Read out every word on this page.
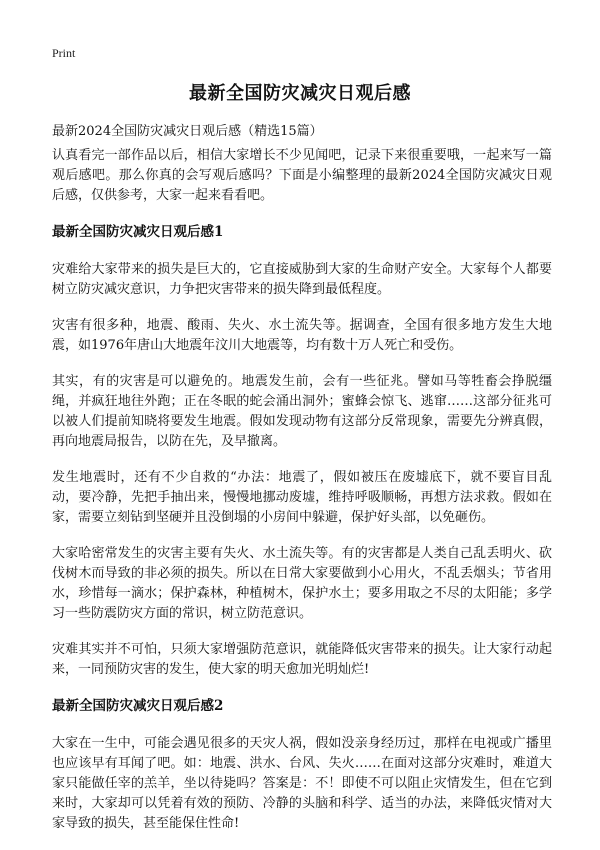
Print
最新全国防灾减灾日观后感

最新2024全国防灾减灾日观后感（精选15篇）

认真看完一部作品以后，相信大家增长不少见闻吧，记录下来很重要哦，一起来写一篇观后感吧。那么你真的会写观后感吗？下面是小编整理的最新2024全国防灾减灾日观后感，仅供参考，大家一起来看看吧。

最新全国防灾减灾日观后感1

灾难给大家带来的损失是巨大的，它直接威胁到大家的生命财产安全。大家每个人都要树立防灾减灾意识，力争把灾害带来的损失降到最低程度。

灾害有很多种，地震、酸雨、失火、水土流失等。据调查，全国有很多地方发生大地震，如1976年唐山大地震年汶川大地震等，均有数十万人死亡和受伤。

其实，有的灾害是可以避免的。地震发生前，会有一些征兆。譬如马等牲畜会挣脱缰绳，并疯狂地往外跑；正在冬眠的蛇会涌出洞外；蜜蜂会惊飞、逃窜……这部分征兆可以被人们提前知晓将要发生地震。假如发现动物有这部分反常现象，需要先分辨真假，再向地震局报告，以防在先，及早撤离。

发生地震时，还有不少自救的“办法：地震了，假如被压在废墟底下，就不要盲目乱动，要冷静，先把手抽出来，慢慢地挪动废墟，维持呼吸顺畅，再想方法求救。假如在家，需要立刻钻到坚硬并且没倒塌的小房间中躲避，保护好头部，以免砸伤。

大家哈密常发生的灾害主要有失火、水土流失等。有的灾害都是人类自己乱丢明火、砍伐树木而导致的非必须的损失。所以在日常大家要做到小心用火，不乱丢烟头；节省用水，珍惜每一滴水；保护森林，种植树木，保护水土；要多用取之不尽的太阳能；多学习一些防震防灾方面的常识，树立防范意识。

灾难其实并不可怕，只须大家增强防范意识，就能降低灾害带来的损失。让大家行动起来，一同预防灾害的发生，使大家的明天愈加光明灿烂!

最新全国防灾减灾日观后感2

大家在一生中，可能会遇见很多的天灾人祸，假如没亲身经历过，那样在电视或广播里也应该早有耳闻了吧。如：地震、洪水、台风、失火……在面对这部分灾难时，难道大家只能做任宰的羔羊，坐以待毙吗？答案是：不！即使不可以阻止灾情发生，但在它到来时，大家却可以凭着有效的预防、冷静的头脑和科学、适当的办法，来降低灾情对大家导致的损失，甚至能保住性命!
